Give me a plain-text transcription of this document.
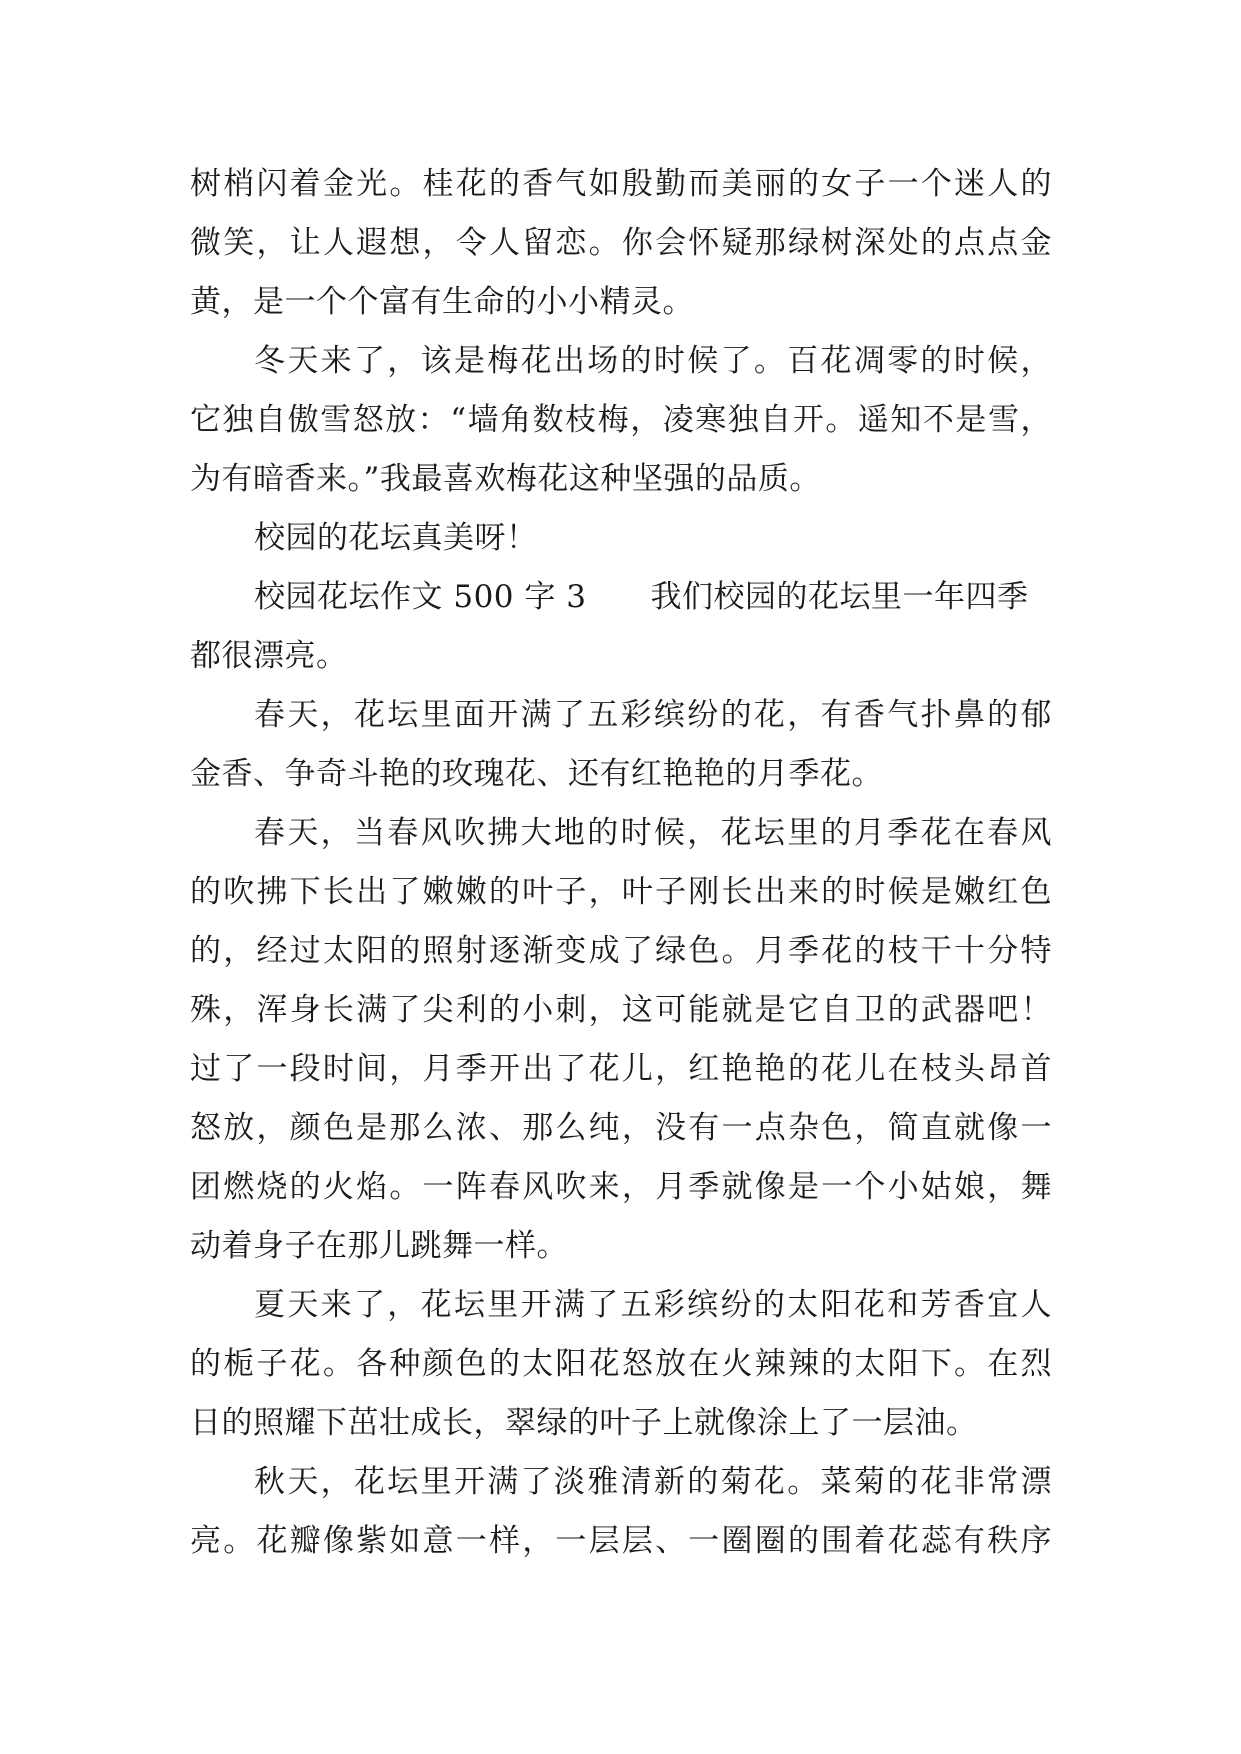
树梢闪着金光。桂花的香气如殷勤而美丽的女子一个迷人的
微笑，让人遐想，令人留恋。你会怀疑那绿树深处的点点金
黄，是一个个富有生命的小小精灵。
冬天来了，该是梅花出场的时候了。百花凋零的时候，
它独自傲雪怒放：“墙角数枝梅，凌寒独自开。遥知不是雪，
为有暗香来。”我最喜欢梅花这种坚强的品质。
校园的花坛真美呀！
校园花坛作文 500 字 3 我们校园的花坛里一年四季
都很漂亮。
春天，花坛里面开满了五彩缤纷的花，有香气扑鼻的郁
金香、争奇斗艳的玫瑰花、还有红艳艳的月季花。
春天，当春风吹拂大地的时候，花坛里的月季花在春风
的吹拂下长出了嫩嫩的叶子，叶子刚长出来的时候是嫩红色
的，经过太阳的照射逐渐变成了绿色。月季花的枝干十分特
殊，浑身长满了尖利的小刺，这可能就是它自卫的武器吧！
过了一段时间，月季开出了花儿，红艳艳的花儿在枝头昂首
怒放，颜色是那么浓、那么纯，没有一点杂色，简直就像一
团燃烧的火焰。一阵春风吹来，月季就像是一个小姑娘，舞
动着身子在那儿跳舞一样。
夏天来了，花坛里开满了五彩缤纷的太阳花和芳香宜人
的栀子花。各种颜色的太阳花怒放在火辣辣的太阳下。在烈
日的照耀下茁壮成长，翠绿的叶子上就像涂上了一层油。
秋天，花坛里开满了淡雅清新的菊花。菜菊的花非常漂
亮。花瓣像紫如意一样，一层层、一圈圈的围着花蕊有秩序
